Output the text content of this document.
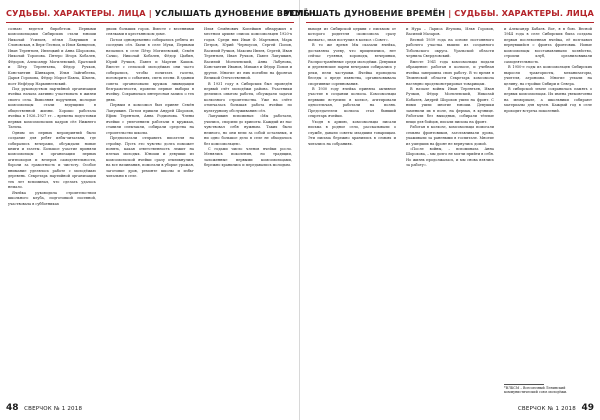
СУДЬБЫ. ХАРАКТЕРЫ. ЛИЦА | УСЛЫШАТЬ ДУНОВЕНИЕ ВРЕМЁН

сознаю ведется биробетом. Первыми комсомольцами Сибирских стали юноши Николай Усильев, лёлья Лавушкин и Слоновская, в Верх-Лесном, и Илья Кинцепов, Иван Терентьев, Ивлецкий и Анна Шорохова, Николай Торопова. Пятеро Игорь Кобалев, Фёдоров, Александр Могилевский, Братский и Пётр Терентьева, Фёдор Ручков, Константин Шинкарев, Илья Зайгибеева, Дарья Горохова, Фёдор Мороз-Павла, Шмель, поэт Нефёдор Нарыпнеевский.

Под руководством партийной организации ячейка начала активно участвовать в жизни своего села. Выполняя поручения, молодые комсомольцы стали ведущими в общественной жизни. Хорошо работала ячейка в 1926–1927 гг. – времена подготовки первых комсомольских кадров сёл Нижнего Тагила.

Одним из первых мероприятий было создание для ребят избы-читальни, где собирались вечерами, обсуждали новые книги и газеты. Большое участие приняли комсомольцы в организации первых агитпоходов и вечеров самодеятельности, бороли за грамотность и чистоту. Особое внимание уделялось работе с молодёжью деревень. Секретарь партийной организации тех лет вспоминал, что сделать удалось немало.

Ячейка руководила строительством школьного клуба, подготовкой посевной, участвовала в субботниках

двоих больших горох. Вместе с весенними сеялками в крестьянском доме.

Потом одновременно собирались ребята из соседних сёл. Были в селе Мухи, Первыми начались в селе Пётр Могилевский, Семён Сачко, Николай Кобалев, Фёдор Цыбин, Юрий Ручков, Павел и Мартин Кашок. Вместе с сельской молодёжью они часто собирались, чтобы почитать газеты, поговорить о событиях, спеть песни. В здании совета организовали кружок ликвидации безграмотности, провели первые выборы в ячейку. Сохранилась интересная запись о тех днях.

Первым в комсомол был принят Семён Лапушкин. Потом пришли Андрей Шорохов, Ефим Терентьев, Анна Родионова. Члены ячейки с увлечением работали в кружках, ставили спектакли, собирали средства на строительство школы.

Предполагали отправить писателя на стройку. Пусть это чувство долга поможет понять, какая ответственность лежит на плечах молодых. Юноши и девушки из комсомольской ячейки сразу откликнулись на все начинания, помогали в уборке урожая, заготовке дров, ремонте школы и избы-читальни в селе.

Илья Семёнович Копейкин обнаружил в местном архиве список комсомольцев 1920-х годов. Среди них Иван Ф. Мартынов, Марк Петров, Юрий Черноусов, Сергей Попов, Василий Ручков, Максим Ивлев, Сергей, Иван Терентьев, Иван Ручков, Павел Лапушкин, Василий Могилевский, Анна Лабунова, Константин Иванов, Михаил и Фёдор Попов и другие. Многие из них погибли на фронтах Великой Отечественной.

В 1931 году в Сибирских был проведён первый слёт молодёжи района. Участники делились опытом работы, обсуждали задачи колхозного строительства. Уже на слёте отмечалась большая работа ячейки по культурному обслуживанию сёл.

Лапушкин вспоминал: «Мы работали, учились, спорили до хрипоты. Каждый из нас чувствовал себя нужным. Таких было немного, но они вели за собой остальных, и ни одно большое дело в селе не обходилось без комсомольцев».

С годами число членов ячейки росло. Менялись поколения, но традиции, заложенные первыми комсомольцами, бережно хранились и передавались молодым.

48 СВЕРЧОК № 1 2018
УСЛЫШАТЬ ДУНОВЕНИЕ ВРЕМЁН | СУДЬБЫ. ХАРАКТЕРЫ. ЛИЦА

выходя из Сибирской церкви с письмом от которого родителя «комсомола сразу вызвать», зная поступил в колхоз «Совет».

В то же время Мы сказали ячейка, доставляла учеву, что прицепились, нет сейчас гулянья, хороводы, вечеринки, Распространённые среди молодёжи. Девушки и деревенские парни вечерами собирались у реки, пели частушки. Ячейка проводила беседы о вреде пьянства, организовывала спортивные соревнования.

В 1930 году ячейка приняла активное участие в создании колхоза. Комсомольцы первыми вступили в колхоз, агитировали односельчан, работали на полях. Председателем колхоза стал бывший секретарь ячейки.

Уходя в армию, комсомольцы писали письма в родное село, рассказывали о службе, давали советы младшим товарищам. Эти письма бережно хранились в семьях и читались на собраниях.

и Нура – Лариса Ягупова, Илья Горохов, Василий Мазаров.

Весной 1939 года на основе постоянного рабочего участка вышли из созданного Тобольского округа. Уральской области чернила Свердловский.

Вместе 1941 года комсомольцы подали обращение: работая в колхозе, и учебная ячейка завершила свою работу. В то время в Тюменской области Секретарь комсомола наглядно продемонстрировал товарищам.

В начале войны Иван Терентьев, Иван Ручков, Фёдор Могилевский, Николай Кобалев, Андрей Шорохов ушли на фронт. С ними ушли многие юноши. Девушки заменили их в поле, на фермах, в кузнице. Работали без выходных, собирали тёплые вещи для бойцов, писали письма на фронт.

Работая в колхозе, комсомольцы помогали семьям фронтовиков, заготавливали дрова, ухаживали за ранеными в госпитале. Многие из ушедших на фронт не вернулись домой.

«После войны, – вспоминала Анна Шорохова, – мы долго не могли прийти в себя. Но жизнь продолжалась, и мы снова взялись за работу».

и Александр Бабаев. Вот, я в бою. Весной 1944 года в селе Сибирских была создана первая послевоенная ячейка, её возглавил вернувшийся с фронта фронтовик. Новые комсомольцы восстанавливали хозяйство, строили клуб, организовывали самодеятельность.

В 1950-е годы из комсомольцев Сибирских выросли трактористы, механизаторы, учителя, агрономы. Многие уехали на целину, на стройки Сибири и Севера.

В сибирской земле сохранилась память о первых комсомольцах. Их имена увековечены на мемориале, а школьники собирают материалы для музея. Каждый год в селе проходит встреча поколений.

*ВЛКСМ – Всесоюзный Ленинский коммунистический союз молодёжи.
СВЕРЧОК № 1 2018 49
